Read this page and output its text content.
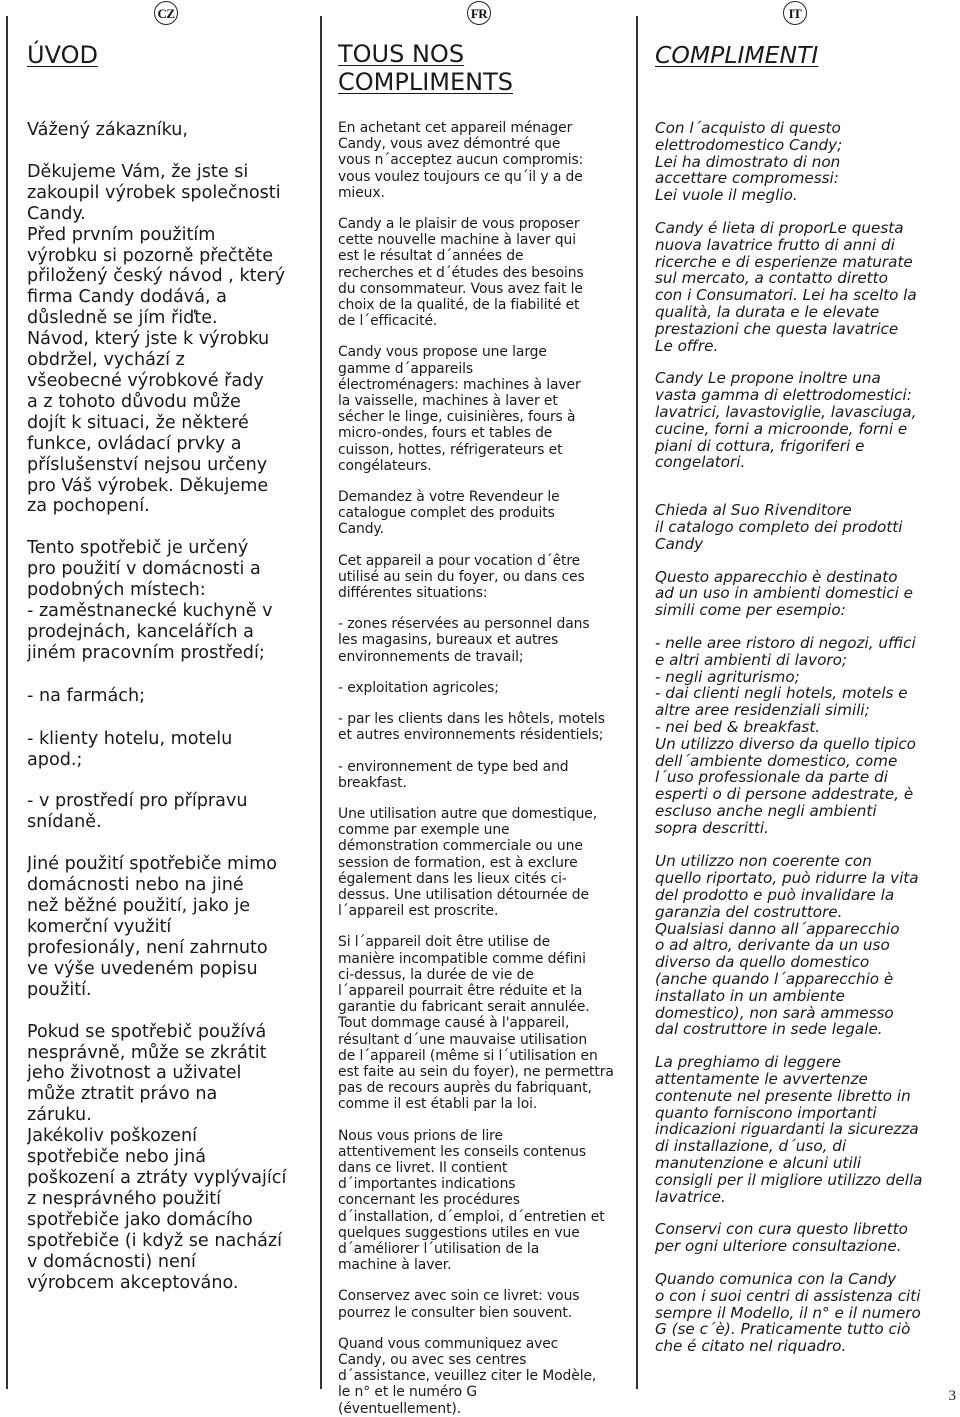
CZ	FR	IT
ÚVOD

Vážený zákazníku,

Děkujeme Vám, že jste si
zakoupil výrobek společnosti
Candy.
Před prvním použitím
výrobku si pozorně přečtěte
přiložený český návod , který
firma Candy dodává, a
důsledně se jím řiďte.
Návod, který jste k výrobku
obdržel, vychází z
všeobecné výrobkové řady
a z tohoto důvodu může
dojít k situaci, že některé
funkce, ovládací prvky a
příslušenství nejsou určeny
pro Váš výrobek. Děkujeme
za pochopení.

Tento spotřebič je určený
pro použití v domácnosti a
podobných místech:
- zaměstnanecké kuchyně v
prodejnách, kancelářích a
jiném pracovním prostředí;

- na farmách;

- klienty hotelu, motelu
apod.;

- v prostředí pro přípravu
snídaně.

Jiné použití spotřebiče mimo
domácnosti nebo na jiné
než běžné použití, jako je
komerční využití
profesionály, není zahrnuto
ve výše uvedeném popisu
použití.

Pokud se spotřebič používá
nesprávně, může se zkrátit
jeho životnost a uživatel
může ztratit právo na
záruku.
Jakékoliv poškození
spotřebiče nebo jiná
poškození a ztráty vyplývající
z nesprávného použití
spotřebiče jako domácího
spotřebiče (i když se nachází
v domácnosti) není
výrobcem akceptováno.

TOUS NOS
COMPLIMENTS

En achetant cet appareil ménager
Candy, vous avez démontré que
vous n´acceptez aucun compromis:
vous voulez toujours ce qu´il y a de
mieux.

Candy a le plaisir de vous proposer
cette nouvelle machine à laver qui
est le résultat d´années de
recherches et d´études des besoins
du consommateur. Vous avez fait le
choix de la qualité, de la fiabilité et
de l´efficacité.

Candy vous propose une large
gamme d´appareils
électroménagers: machines à laver
la vaisselle, machines à laver et
sécher le linge, cuisinières, fours à
micro-ondes, fours et tables de
cuisson, hottes, réfrigerateurs et
congélateurs.

Demandez à votre Revendeur le
catalogue complet des produits
Candy.

Cet appareil a pour vocation d´être
utilisé au sein du foyer, ou dans ces
différentes situations:

- zones réservées au personnel dans
les magasins, bureaux et autres
environnements de travail;

- exploitation agricoles;

- par les clients dans les hôtels, motels
et autres environnements résidentiels;

- environnement de type bed and
breakfast.

Une utilisation autre que domestique,
comme par exemple une
démonstration commerciale ou une
session de formation, est à exclure
également dans les lieux cités ci-
dessus. Une utilisation détournée de
l´appareil est proscrite.

Si l´appareil doit être utilise de
manière incompatible comme défini
ci-dessus, la durée de vie de
l´appareil pourrait être réduite et la
garantie du fabricant serait annulée.
Tout dommage causé à l'appareil,
résultant d´une mauvaise utilisation
de l´appareil (même si l´utilisation en
est faite au sein du foyer), ne permettra
pas de recours auprès du fabriquant,
comme il est établi par la loi.

Nous vous prions de lire
attentivement les conseils contenus
dans ce livret. Il contient
d´importantes indications
concernant les procédures
d´installation, d´emploi, d´entretien et
quelques suggestions utiles en vue
d´améliorer l´utilisation de la
machine à laver.

Conservez avec soin ce livret: vous
pourrez le consulter bien souvent.

Quand vous communiquez avec
Candy, ou avec ses centres
d´assistance, veuillez citer le Modèle,
le n° et le numéro G
(éventuellement).

COMPLIMENTI

Con l´acquisto di questo
elettrodomestico Candy;
Lei ha dimostrato di non
accettare compromessi:
Lei vuole il meglio.

Candy é lieta di proporLe questa
nuova lavatrice frutto di anni di
ricerche e di esperienze maturate
sul mercato, a contatto diretto
con i Consumatori. Lei ha scelto la
qualità, la durata e le elevate
prestazioni che questa lavatrice
Le offre.

Candy Le propone inoltre una
vasta gamma di elettrodomestici:
lavatrici, lavastoviglie, lavasciuga,
cucine, forni a microonde, forni e
piani di cottura, frigoriferi e
congelatori.

Chieda al Suo Rivenditore
il catalogo completo dei prodotti
Candy

Questo apparecchio è destinato
ad un uso in ambienti domestici e
simili come per esempio:

- nelle aree ristoro di negozi, uffici
e altri ambienti di lavoro;
- negli agriturismo;
- dai clienti negli hotels, motels e
altre aree residenziali simili;
- nei bed & breakfast.
Un utilizzo diverso da quello tipico
dell´ambiente domestico, come
l´uso professionale da parte di
esperti o di persone addestrate, è
escluso anche negli ambienti
sopra descritti.

Un utilizzo non coerente con
quello riportato, può ridurre la vita
del prodotto e può invalidare la
garanzia del costruttore.
Qualsiasi danno all´apparecchio
o ad altro, derivante da un uso
diverso da quello domestico
(anche quando l´apparecchio è
installato in un ambiente
domestico), non sarà ammesso
dal costruttore in sede legale.

La preghiamo di leggere
attentamente le avvertenze
contenute nel presente libretto in
quanto forniscono importanti
indicazioni riguardanti la sicurezza
di installazione, d´uso, di
manutenzione e alcuni utili
consigli per il migliore utilizzo della
lavatrice.

Conservi con cura questo libretto
per ogni ulteriore consultazione.

Quando comunica con la Candy
o con i suoi centri di assistenza citi
sempre il Modello, il n° e il numero
G (se c´è). Praticamente tutto ciò
che é citato nel riquadro.

3
